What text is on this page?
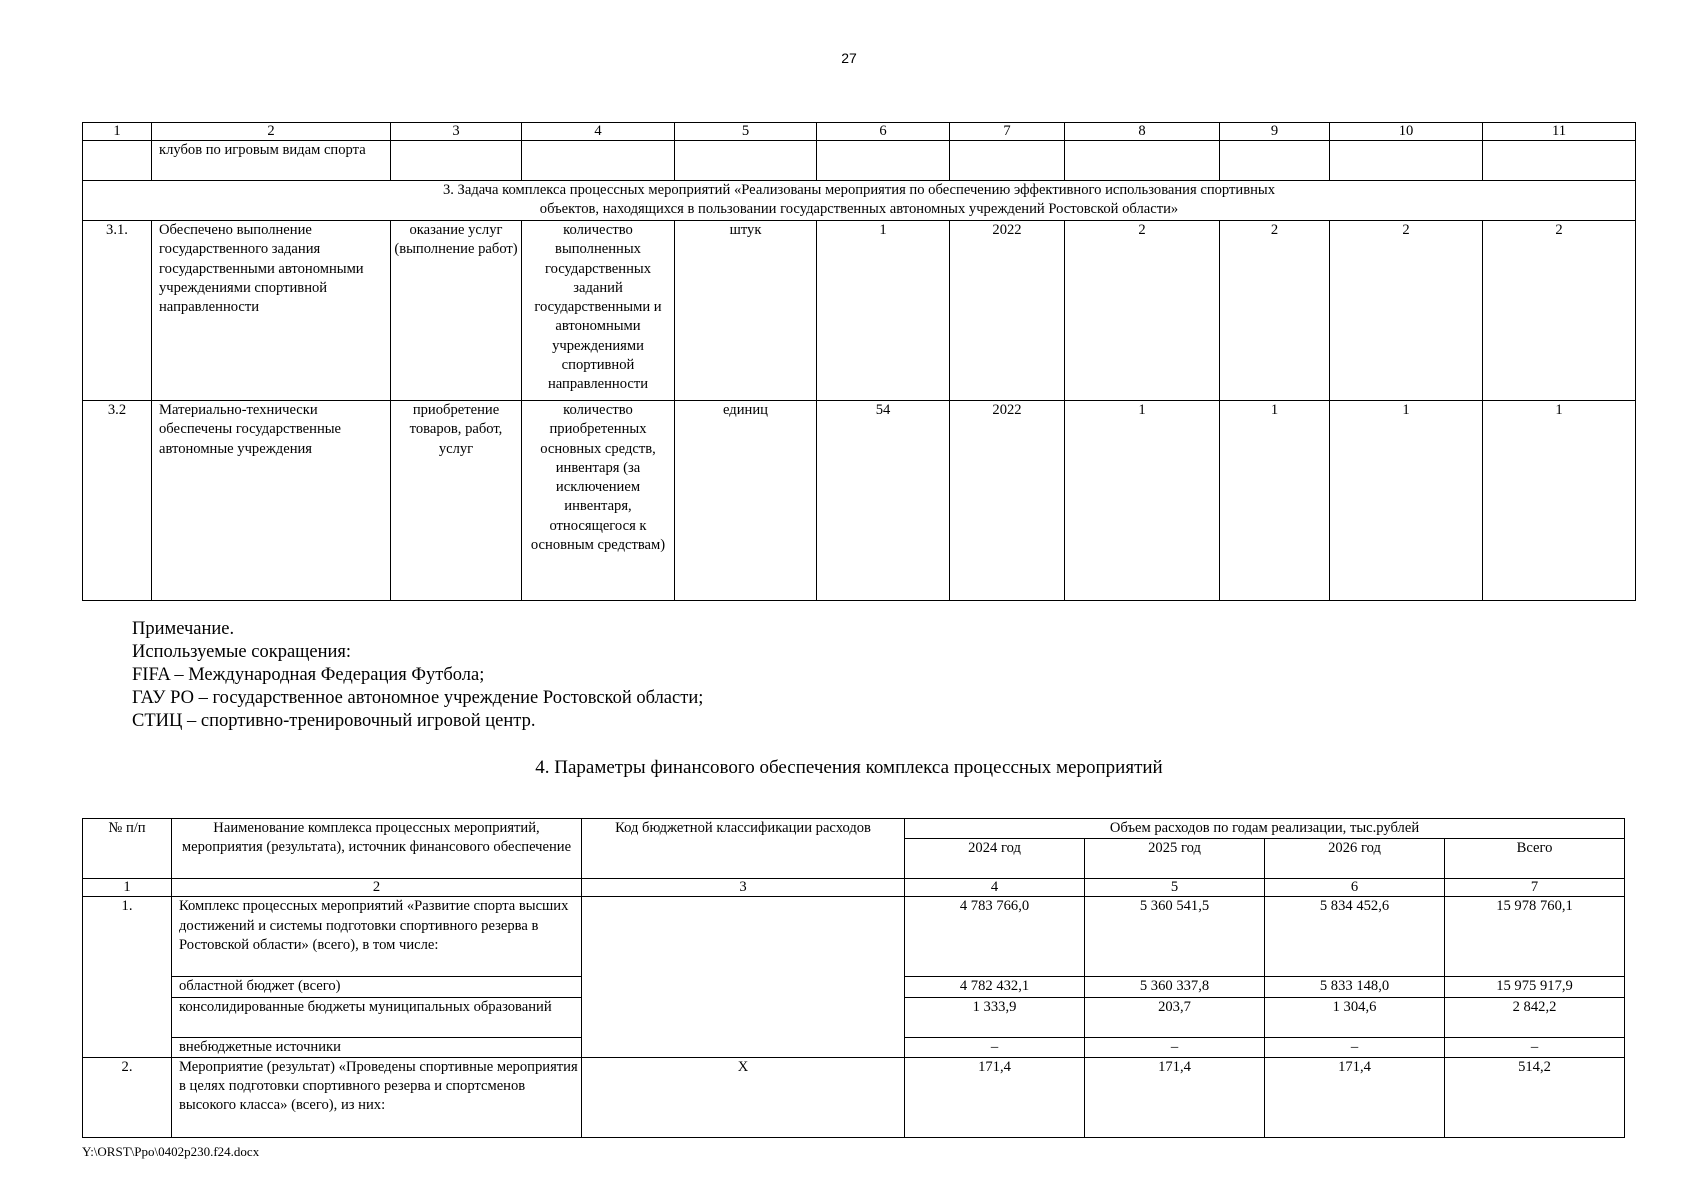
27
1	2	3	4	5	6	7	8	9	10	11
	клубов по игровым видам спорта									
3. Задача комплекса процессных мероприятий «Реализованы мероприятия по обеспечению эффективного использования спортивных объектов, находящихся в пользовании государственных автономных учреждений Ростовской области»										
3.1.	Обеспечено выполнение государственного задания государственными автономными учреждениями спортивной направленности	оказание услуг (выполнение работ)	количество выполненных государственных заданий государственными и автономными учреждениями спортивной направленности	штук	1	2022	2	2	2	2
3.2	Материально-технически обеспечены государственные автономные учреждения	приобретение товаров, работ, услуг	количество приобретенных основных средств, инвентаря (за исключением инвентаря, относящегося к основным средствам)	единиц	54	2022	1	1	1	1
Примечание.
Используемые сокращения:
FIFA – Международная Федерация Футбола;
ГАУ РО – государственное автономное учреждение Ростовской области;
СТИЦ – спортивно-тренировочный игровой центр.
4. Параметры финансового обеспечения комплекса процессных мероприятий
№ п/п	Наименование комплекса процессных мероприятий, мероприятия (результата), источник финансового обеспечение	Код бюджетной классификации расходов	Объем расходов по годам реализации, тыс.рублей			
			2024 год	2025 год	2026 год	Всего
1	2	3	4	5	6	7
1.	Комплекс процессных мероприятий «Развитие спорта высших достижений и системы подготовки спортивного резерва в Ростовской области» (всего), в том числе:		4 783 766,0	5 360 541,5	5 834 452,6	15 978 760,1
	областной бюджет (всего)		4 782 432,1	5 360 337,8	5 833 148,0	15 975 917,9
	консолидированные бюджеты муниципальных образований		1 333,9	203,7	1 304,6	2 842,2
	внебюджетные источники		–	–	–	–
2.	Мероприятие (результат) «Проведены спортивные мероприятия в целях подготовки спортивного резерва и спортсменов высокого класса» (всего), из них:	Х	171,4	171,4	171,4	514,2
Y:\ORST\Ppo\0402p230.f24.docx
